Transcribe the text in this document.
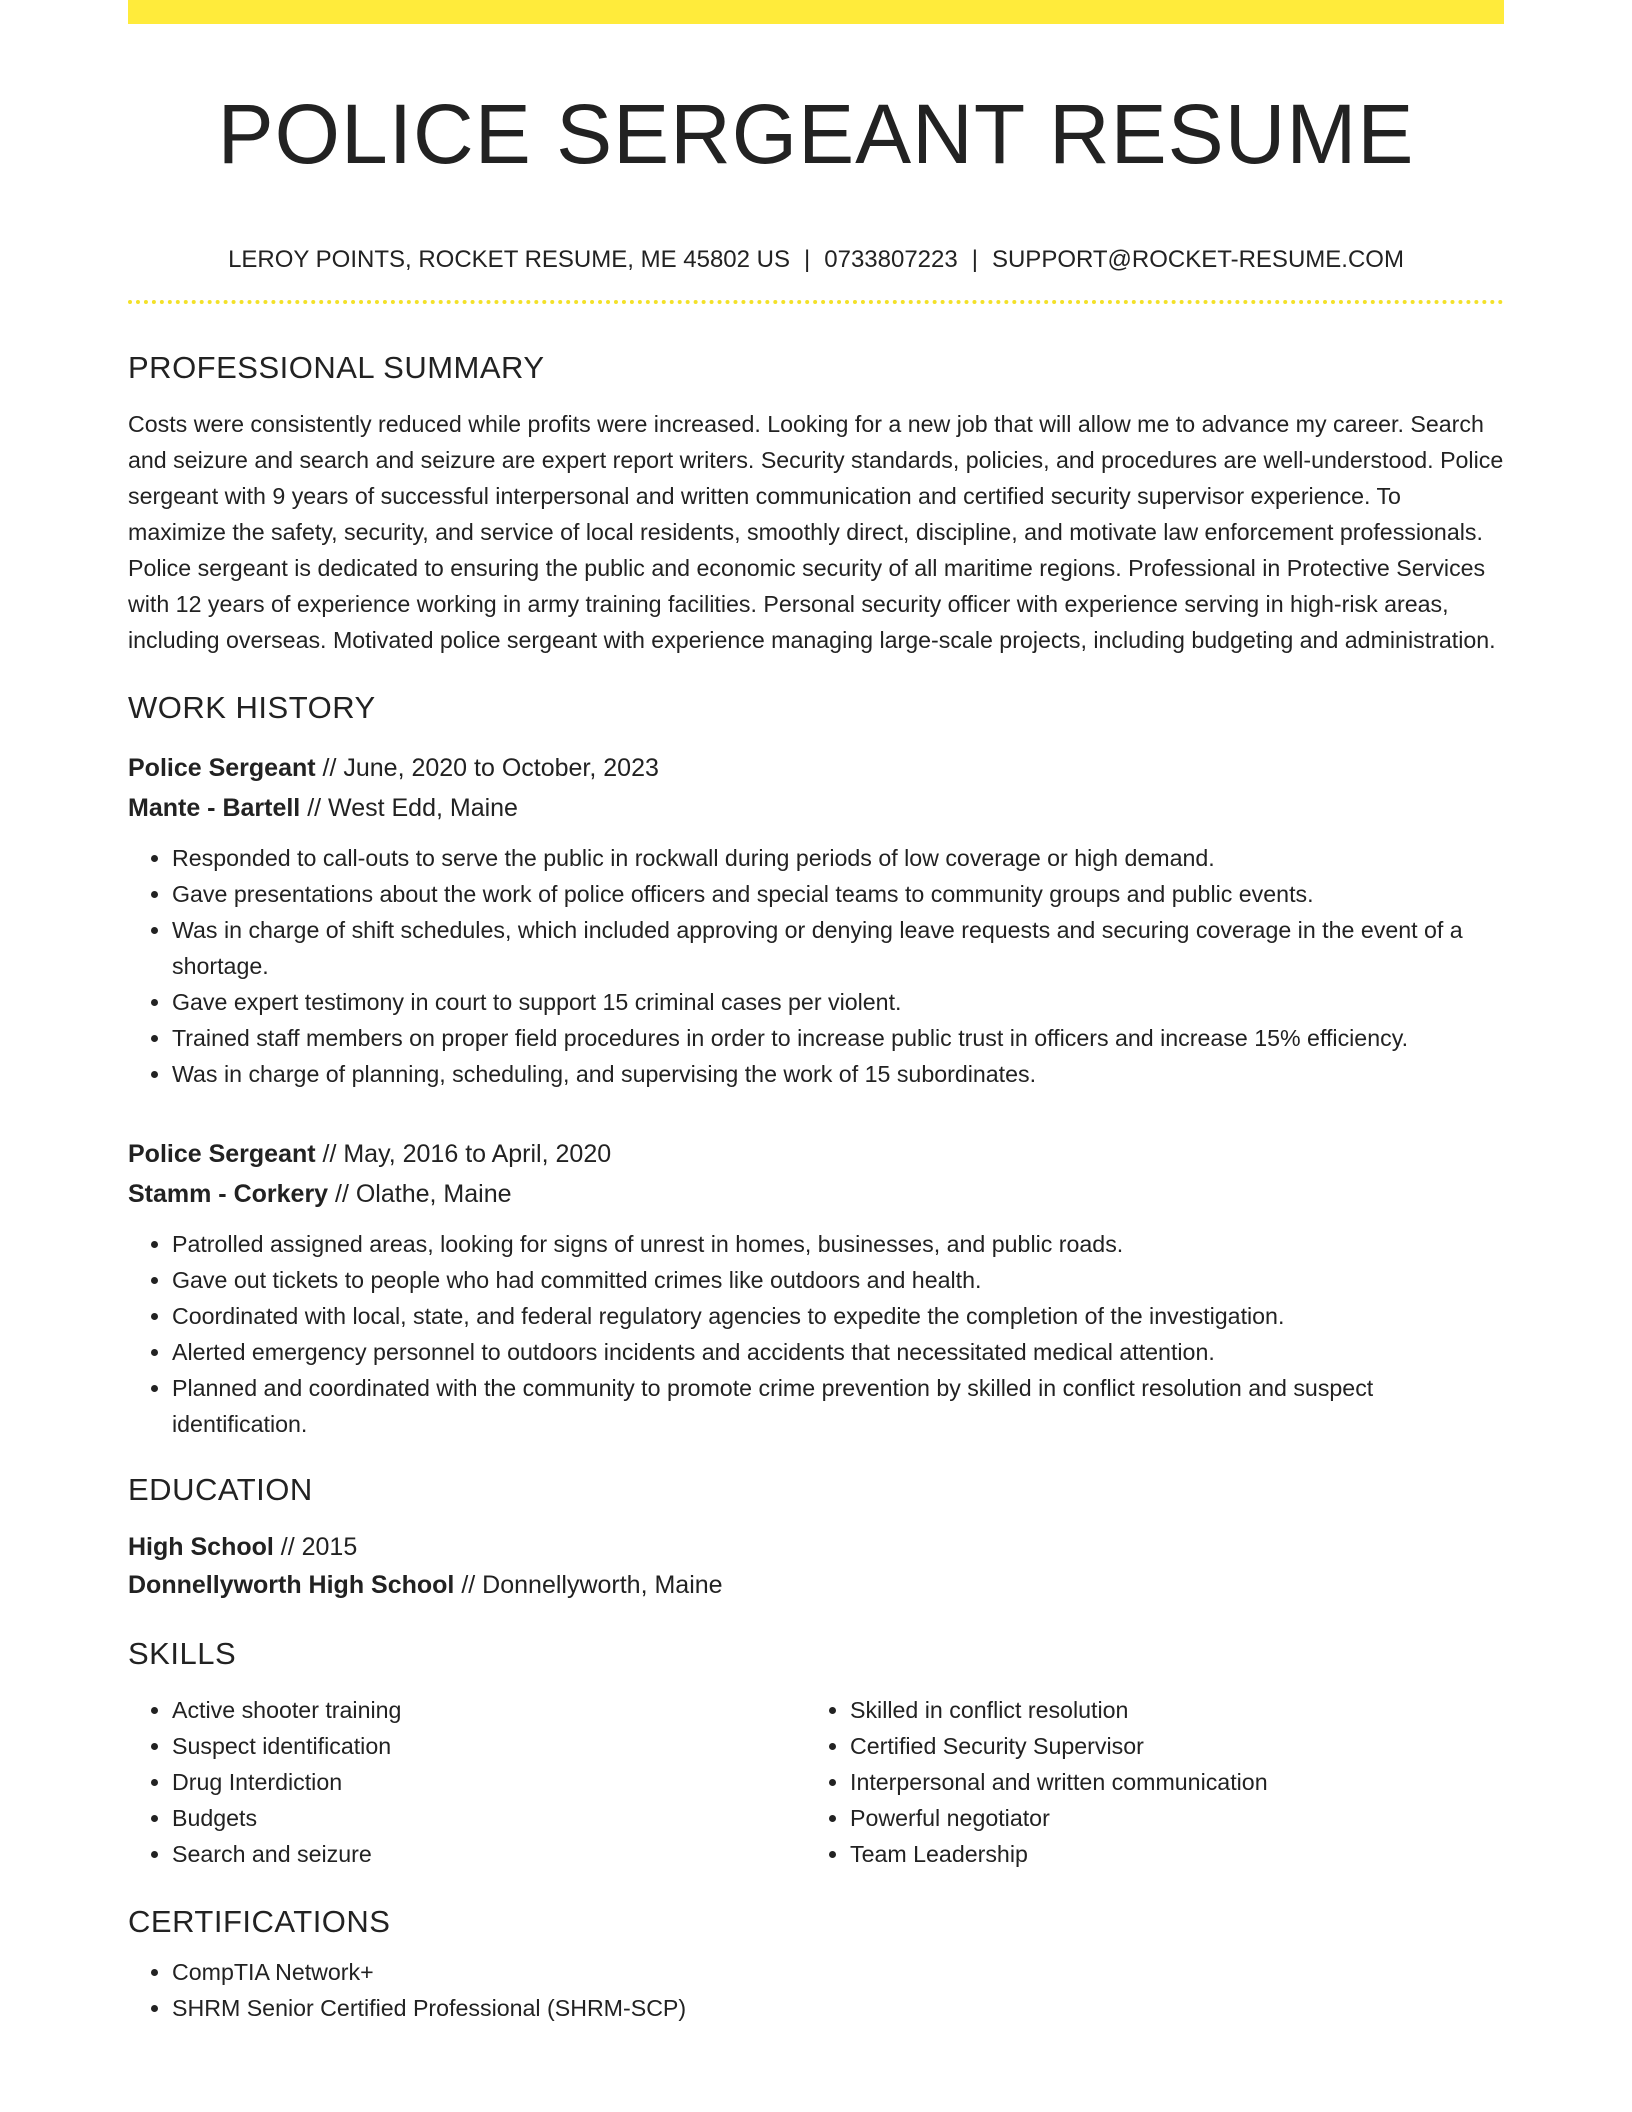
POLICE SERGEANT RESUME
LEROY POINTS, ROCKET RESUME, ME 45802 US | 0733807223 | SUPPORT@ROCKET-RESUME.COM
PROFESSIONAL SUMMARY

Costs were consistently reduced while profits were increased. Looking for a new job that will allow me to advance my career. Search and seizure and search and seizure are expert report writers. Security standards, policies, and procedures are well-understood. Police sergeant with 9 years of successful interpersonal and written communication and certified security supervisor experience. To maximize the safety, security, and service of local residents, smoothly direct, discipline, and motivate law enforcement professionals. Police sergeant is dedicated to ensuring the public and economic security of all maritime regions. Professional in Protective Services with 12 years of experience working in army training facilities. Personal security officer with experience serving in high-risk areas, including overseas. Motivated police sergeant with experience managing large-scale projects, including budgeting and administration.

WORK HISTORY
Police Sergeant // June, 2020 to October, 2023
Mante - Bartell // West Edd, Maine
• Responded to call-outs to serve the public in rockwall during periods of low coverage or high demand.
• Gave presentations about the work of police officers and special teams to community groups and public events.
• Was in charge of shift schedules, which included approving or denying leave requests and securing coverage in the event of a shortage.
• Gave expert testimony in court to support 15 criminal cases per violent.
• Trained staff members on proper field procedures in order to increase public trust in officers and increase 15% efficiency.
• Was in charge of planning, scheduling, and supervising the work of 15 subordinates.
Police Sergeant // May, 2016 to April, 2020
Stamm - Corkery // Olathe, Maine
• Patrolled assigned areas, looking for signs of unrest in homes, businesses, and public roads.
• Gave out tickets to people who had committed crimes like outdoors and health.
• Coordinated with local, state, and federal regulatory agencies to expedite the completion of the investigation.
• Alerted emergency personnel to outdoors incidents and accidents that necessitated medical attention.
• Planned and coordinated with the community to promote crime prevention by skilled in conflict resolution and suspect identification.
EDUCATION
High School // 2015
Donnellyworth High School // Donnellyworth, Maine
SKILLS
• Active shooter training
• Suspect identification
• Drug Interdiction
• Budgets
• Search and seizure
• Skilled in conflict resolution
• Certified Security Supervisor
• Interpersonal and written communication
• Powerful negotiator
• Team Leadership
CERTIFICATIONS
• CompTIA Network+
• SHRM Senior Certified Professional (SHRM-SCP)
